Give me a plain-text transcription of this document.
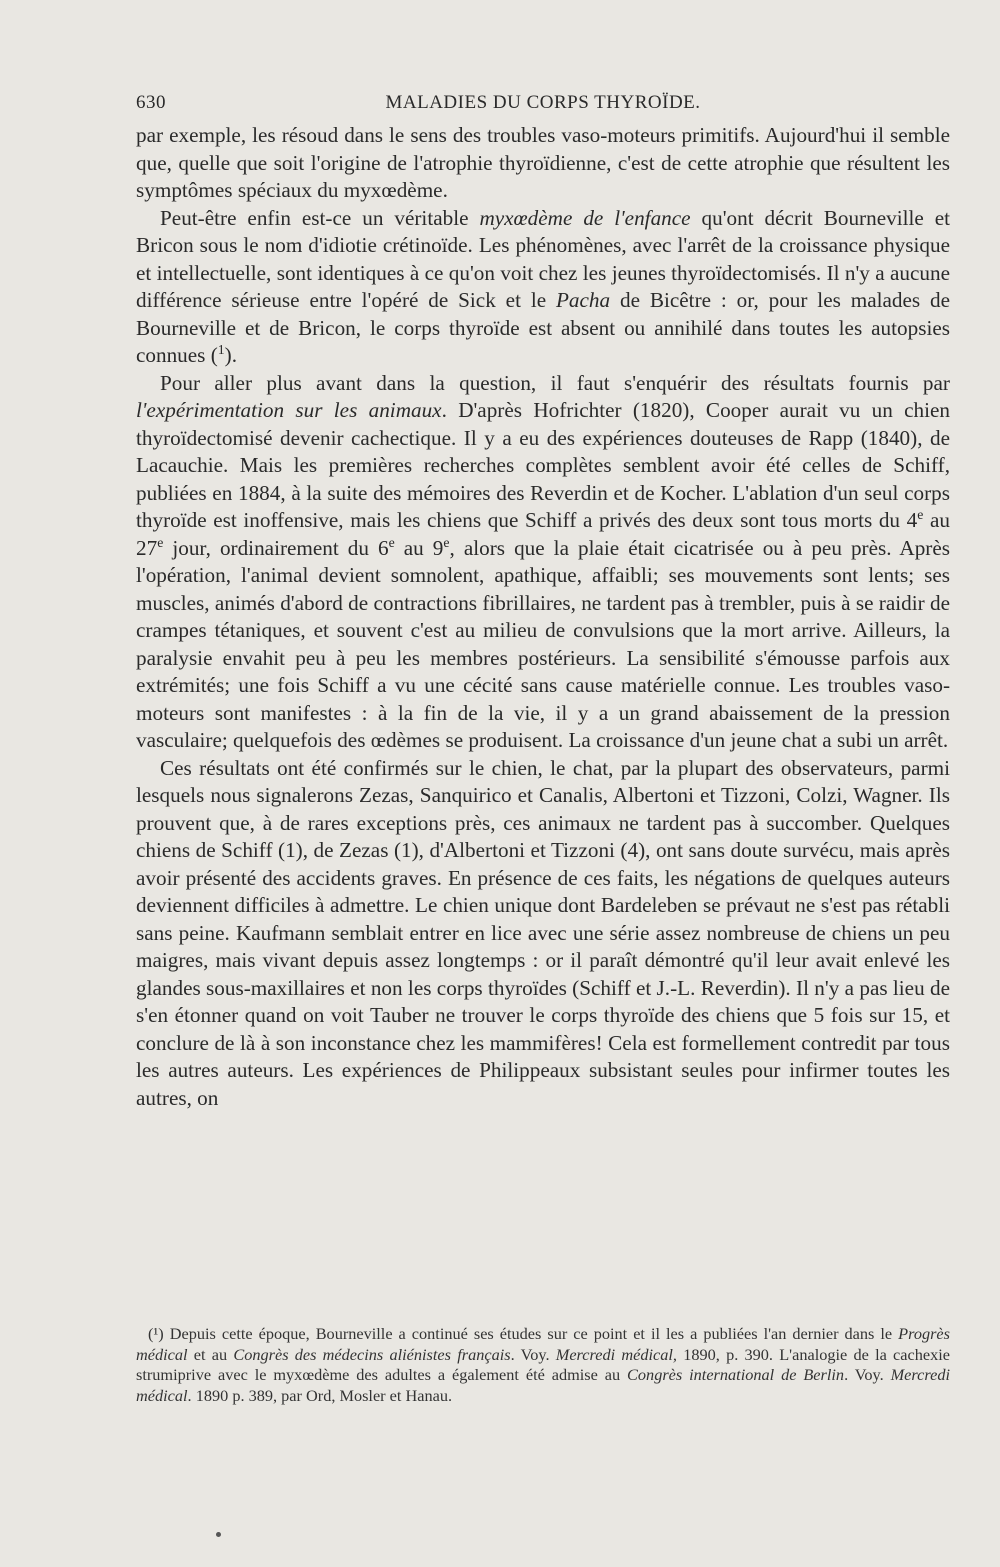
630	MALADIES DU CORPS THYROÏDE.

par exemple, les résoud dans le sens des troubles vaso-moteurs primitifs. Aujourd'hui il semble que, quelle que soit l'origine de l'atrophie thyroïdienne, c'est de cette atrophie que résultent les symptômes spéciaux du myxœdème.

Peut-être enfin est-ce un véritable myxœdème de l'enfance qu'ont décrit Bourneville et Bricon sous le nom d'idiotie crétinoïde. Les phénomènes, avec l'arrêt de la croissance physique et intellectuelle, sont identiques à ce qu'on voit chez les jeunes thyroïdectomisés. Il n'y a aucune différence sérieuse entre l'opéré de Sick et le Pacha de Bicêtre : or, pour les malades de Bourneville et de Bricon, le corps thyroïde est absent ou annihilé dans toutes les autopsies connues ($^1$).

Pour aller plus avant dans la question, il faut s'enquérir des résultats fournis par l'expérimentation sur les animaux. D'après Hofrichter (1820), Cooper aurait vu un chien thyroïdectomisé devenir cachectique. Il y a eu des expériences douteuses de Rapp (1840), de Lacauchie. Mais les premières recherches complètes semblent avoir été celles de Schiff, publiées en 1884, à la suite des mémoires des Reverdin et de Kocher. L'ablation d'un seul corps thyroïde est inoffensive, mais les chiens que Schiff a privés des deux sont tous morts du 4e au 27e jour, ordinairement du 6e au 9e, alors que la plaie était cicatrisée ou à peu près. Après l'opération, l'animal devient somnolent, apathique, affaibli; ses mouvements sont lents; ses muscles, animés d'abord de contractions fibrillaires, ne tardent pas à trembler, puis à se raidir de crampes tétaniques, et souvent c'est au milieu de convulsions que la mort arrive. Ailleurs, la paralysie envahit peu à peu les membres postérieurs. La sensibilité s'émousse parfois aux extrémités; une fois Schiff a vu une cécité sans cause matérielle connue. Les troubles vaso-moteurs sont manifestes : à la fin de la vie, il y a un grand abaissement de la pression vasculaire; quelquefois des œdèmes se produisent. La croissance d'un jeune chat a subi un arrêt.

Ces résultats ont été confirmés sur le chien, le chat, par la plupart des observateurs, parmi lesquels nous signalerons Zezas, Sanquirico et Canalis, Albertoni et Tizzoni, Colzi, Wagner. Ils prouvent que, à de rares exceptions près, ces animaux ne tardent pas à succomber. Quelques chiens de Schiff (1), de Zezas (1), d'Albertoni et Tizzoni (4), ont sans doute survécu, mais après avoir présenté des accidents graves. En présence de ces faits, les négations de quelques auteurs deviennent difficiles à admettre. Le chien unique dont Bardeleben se prévaut ne s'est pas rétabli sans peine. Kaufmann semblait entrer en lice avec une série assez nombreuse de chiens un peu maigres, mais vivant depuis assez longtemps : or il paraît démontré qu'il leur avait enlevé les glandes sous-maxillaires et non les corps thyroïdes (Schiff et J.-L. Reverdin). Il n'y a pas lieu de s'en étonner quand on voit Tauber ne trouver le corps thyroïde des chiens que 5 fois sur 15, et conclure de là à son inconstance chez les mammifères! Cela est formellement contredit par tous les autres auteurs. Les expériences de Philippeaux subsistant seules pour infirmer toutes les autres, on

(¹) Depuis cette époque, Bourneville a continué ses études sur ce point et il les a publiées l'an dernier dans le Progrès médical et au Congrès des médecins aliénistes français. Voy. Mercredi médical, 1890, p. 390. L'analogie de la cachexie strumiprive avec le myxœdème des adultes a également été admise au Congrès international de Berlin. Voy. Mercredi médical. 1890 p. 389, par Ord, Mosler et Hanau.
